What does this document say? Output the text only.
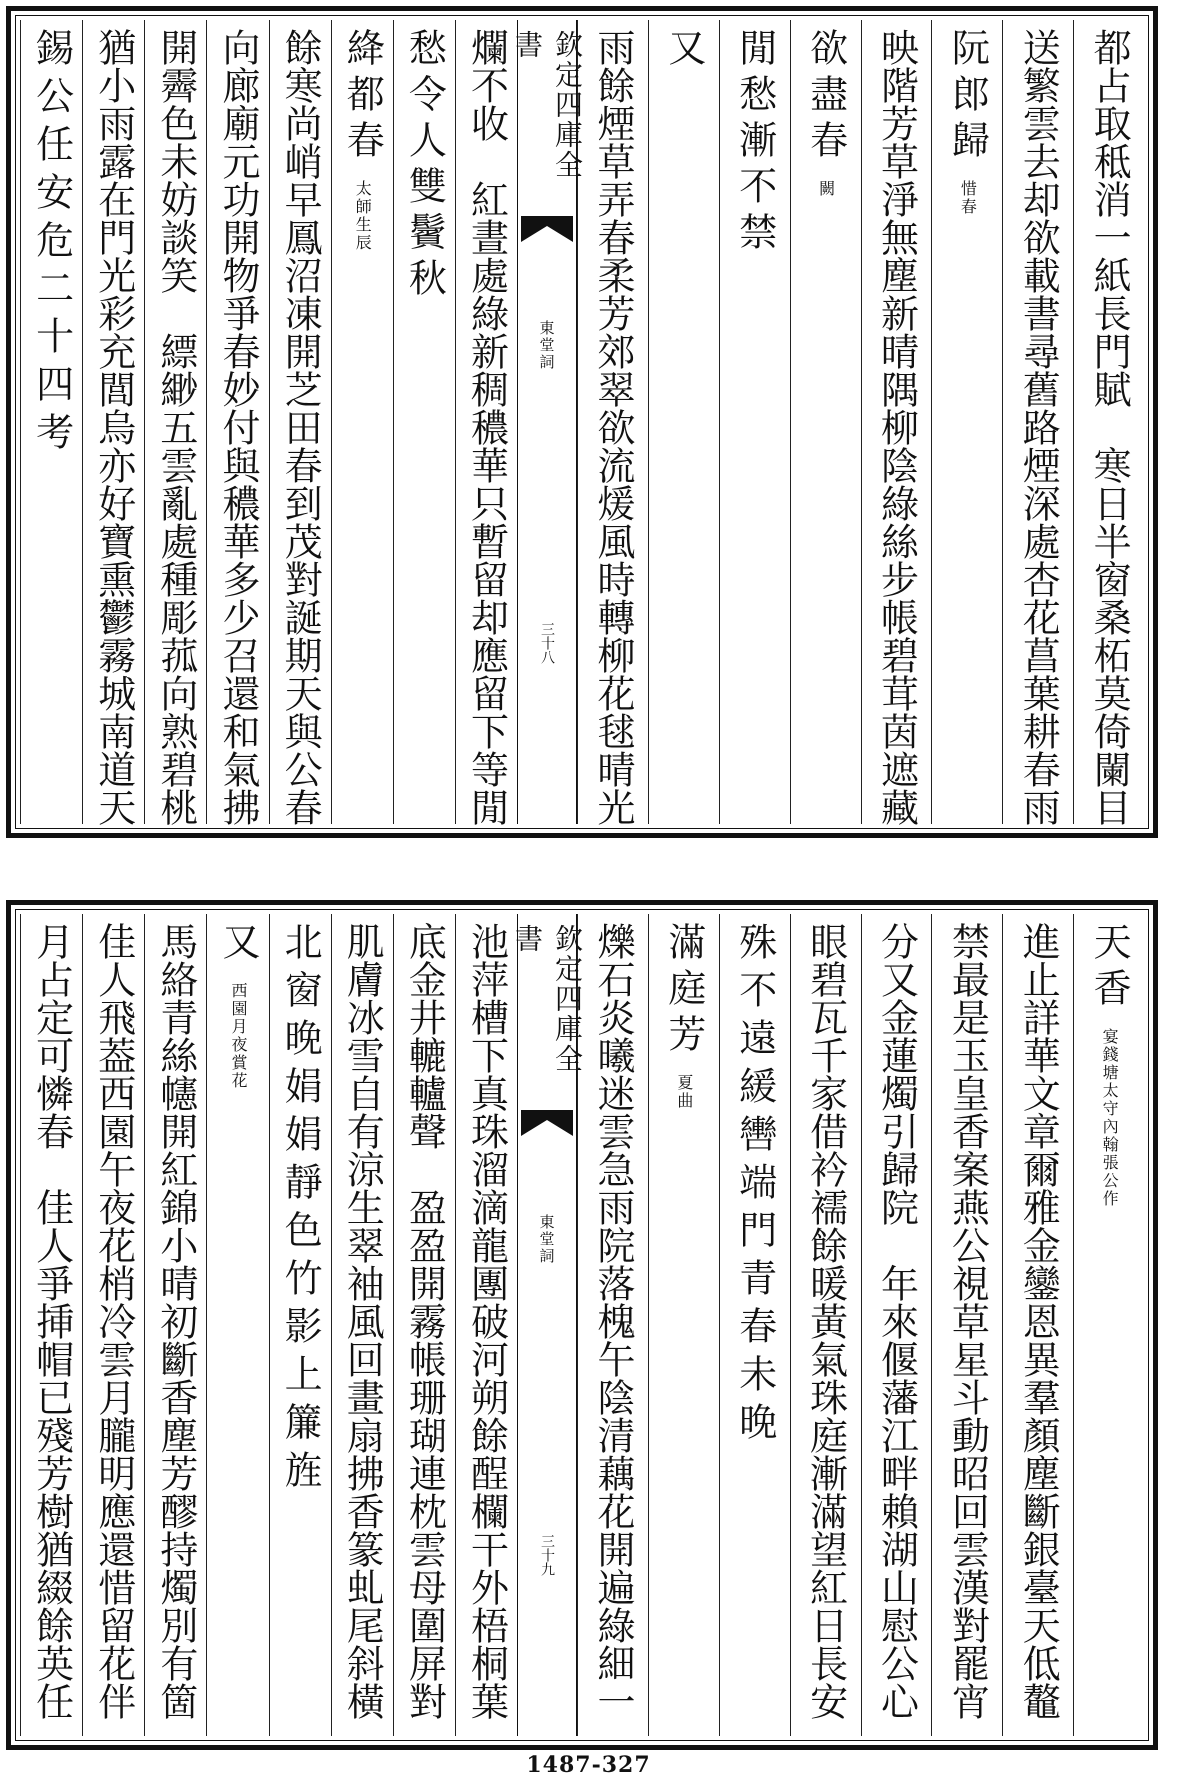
都占取秪消一紙長門賦　寒日半窗桑柘莫倚闌目
送繁雲去却欲載書尋舊路煙深處杏花菖葉耕春雨
阮郎歸
惜春
映階芳草淨無塵新晴隅柳陰綠絲步帳碧茸茵遮藏
欲盡春
闕
閒愁漸不禁
又
雨餘煙草弄春柔芳郊翠欲流煖風時轉柳花毬晴光
爛不收　紅晝處綠新稠穠華只暫留却應留下等閒
愁令人雙鬢秋
絳都春
太師生辰
餘寒尚峭早鳳沼凍開芝田春到茂對誕期天與公春
向廊廟元功開物爭春妙付與穠華多少召還和氣拂
開霽色未妨談笑　縹緲五雲亂處種彫菰向熟碧桃
猶小雨露在門光彩充閭烏亦好寶熏鬱霧城南道天
錫公任安危二十四考	欽定四庫全書
東堂詞
三十八
天香
宴錢塘太守內翰張公作
進止詳華文章爾雅金鑾恩異羣顏塵斷銀臺天低鼇
禁最是玉皇香案燕公視草星斗動昭回雲漢對罷宵
分又金蓮燭引歸院　年來偃藩江畔賴湖山慰公心
眼碧瓦千家借衿襦餘暖黃氣珠庭漸滿望紅日長安
殊不遠緩轡端門青春未晚
滿庭芳
夏曲
爍石炎曦迷雲急雨院落槐午陰清藕花開遍綠細一
池萍槽下真珠溜滴龍團破河朔餘酲欄干外梧桐葉
底金井轆轤聲　盈盈開霧帳珊瑚連枕雲母圍屏對
肌膚冰雪自有涼生翠袖風回畫扇拂香篆虬尾斜橫
北窗晚娟娟靜色竹影上簾旌
又
西園月夜賞花
馬絡青絲幰開紅錦小晴初斷香塵芳醪持燭別有箇
佳人飛葢西園午夜花梢冷雲月朧明應還惜留花伴
月占定可憐春　佳人爭挿帽已殘芳樹猶綴餘英任	欽定四庫全書
東堂詞
三十九
1487-327
